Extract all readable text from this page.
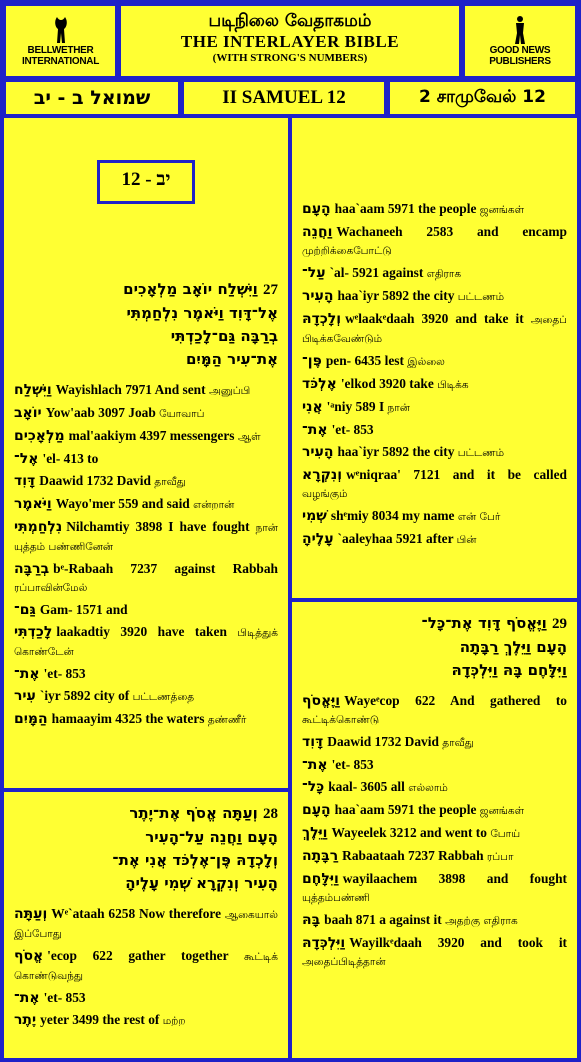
BELLWETHER
INTERNATIONAL
படிநிலை வேதாகமம்
THE INTERLAYER BIBLE
(WITH STRONG'S NUMBERS)
GOOD NEWS
PUBLISHERS
שמואל ב - יב	II SAMUEL 12	2 சாமுவேல் 12
27 וַיִּשְׁלַח יוֹאָב מַלְאָכִים
אֶל־דָּוִד וַיֹּאמֶר נִלְחַמְתִּי
בְרַבָּה גַּם־לָכַדְתִּי
אֶת־עִיר הַמָּיִם
וַיִּשְׁלַח Wayishlach 7971 And sent அனுப்பி
יוֹאָב Yow'aab 3097 Joab யோவாப்
מַלְאָכִים mal'aakiym 4397 messengers ஆள்
אֶל־ 'el- 413 to
דָּוִד Daawid 1732 David தாவீது
וַיֹּאמֶר Wayo'mer 559 and said என்றான்
נִלְחַמְתִּי Nilchamtiy 3898 I have fought நான் யுத்தம் பண்ணினேன்
בְרַבָּה bᵉ-Rabaah 7237 against Rabbah ரப்பாவின்மேல்
גַּם־ Gam- 1571 and
לָכַדְתִּי laakadtiy 3920 have taken பிடித்துக் கொண்டேன்
אֶת־ 'et- 853
עִיר `iyr 5892 city of பட்டணத்தை
הַמָּיִם hamaayim 4325 the waters தண்ணீர்
12 - יב
28 וְעַתָּה אֱסֹף אֶת־יֶתֶר
הָעָם וַחֲנֵה עַל־הָעִיר
וְלָכְדָהּ פֶּן־אֶלְכֹּד אֲנִי אֶת־
הָעִיר וְנִקְרָא שְׁמִי עָלֶיהָ
וְעַתָּה Wᵉ`ataah 6258 Now therefore ஆகையால் இப்போது
אֱסֹף 'ecop 622 gather together கூட்டிக் கொண்டுவந்து
אֶת־ 'et- 853
יֶתֶר yeter 3499 the rest of மற்ற
הָעָם haa`aam 5971 the people ஜனங்கள்
וַחֲנֵה Wachaneeh 2583 and encamp முற்றிக்கைபோட்டு
עַל־ `al- 5921 against எதிராக
הָעִיר haa`iyr 5892 the city பட்டணம்
וְלָכְדָהּ wᵉlaakᵉdaah 3920 and take it அதைப் பிடிக்கவேண்டும்
פֶּן־ pen- 6435 lest இல்லை
אֶלְכֹּד 'elkod 3920 take பிடிக்க
אֲנִי 'ᵃniy 589 I நான்
אֶת־ 'et- 853
הָעִיר haa`iyr 5892 the city பட்டணம்
וְנִקְרָא wᵉniqraa' 7121 and it be called வழங்கும்
שְׁמִי shᵉmiy 8034 my name என் பேர்
עָלֶיהָ `aaleyhaa 5921 after பின்
29 וַיֶּאֱסֹף דָּוִד אֶת־כָּל־
הָעָם וַיֵּלֶךְ רַבָּתָה
וַיִּלָּחֶם בָּהּ וַיִּלְכְּדָהּ
וַיֶּאֱסֹף Wayeᵉcop 622 And gathered to கூட்டிக்கொண்டு
דָּוִד Daawid 1732 David தாவீது
אֶת־ 'et- 853
כָּל־ kaal- 3605 all எல்லாம்
הָעָם haa`aam 5971 the people ஜனங்கள்
וַיֵּלֶךְ Wayeelek 3212 and went to போய்
רַבָּתָה Rabaataah 7237 Rabbah ரப்பா
וַיִּלָּחֶם wayilaachem 3898 and fought யுத்தம்பண்ணி
בָּהּ baah 871 a against it அதற்கு எதிராக
וַיִּלְכְּדָהּ Wayilkᵉdaah 3920 and took it அதைப்பிடித்தான்
